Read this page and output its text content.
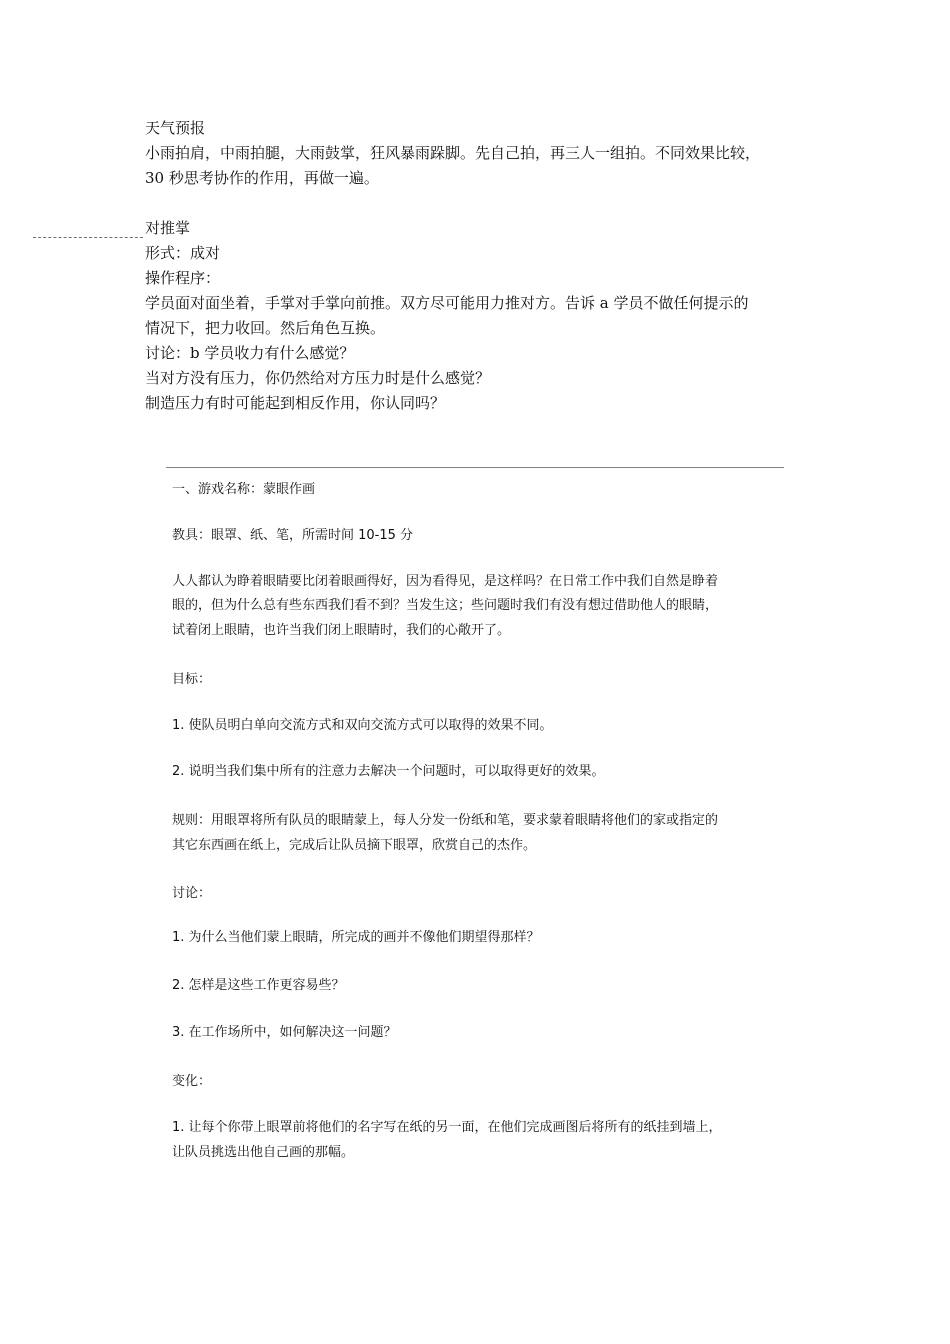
天气预报

小雨拍肩，中雨拍腿，大雨鼓掌，狂风暴雨跺脚。先自己拍，再三人一组拍。不同效果比较，

30 秒思考协作的作用，再做一遍。

对推掌

形式：成对

操作程序：

学员面对面坐着，手掌对手掌向前推。双方尽可能用力推对方。告诉 a 学员不做任何提示的

情况下，把力收回。然后角色互换。

讨论：b 学员收力有什么感觉？

当对方没有压力，你仍然给对方压力时是什么感觉？

制造压力有时可能起到相反作用，你认同吗？

一、游戏名称：蒙眼作画

教具：眼罩、纸、笔，所需时间 10-15 分

人人都认为睁着眼睛要比闭着眼画得好，因为看得见，是这样吗？在日常工作中我们自然是睁着

眼的，但为什么总有些东西我们看不到？当发生这；些问题时我们有没有想过借助他人的眼睛，

试着闭上眼睛，也许当我们闭上眼睛时，我们的心敞开了。

目标：

1. 使队员明白单向交流方式和双向交流方式可以取得的效果不同。

2. 说明当我们集中所有的注意力去解决一个问题时，可以取得更好的效果。

规则：用眼罩将所有队员的眼睛蒙上，每人分发一份纸和笔，要求蒙着眼睛将他们的家或指定的

其它东西画在纸上，完成后让队员摘下眼罩，欣赏自己的杰作。

讨论：

1. 为什么当他们蒙上眼睛，所完成的画并不像他们期望得那样？

2. 怎样是这些工作更容易些？

3. 在工作场所中，如何解决这一问题？

变化：

1. 让每个你带上眼罩前将他们的名字写在纸的另一面，在他们完成画图后将所有的纸挂到墙上，

让队员挑选出他自己画的那幅。
